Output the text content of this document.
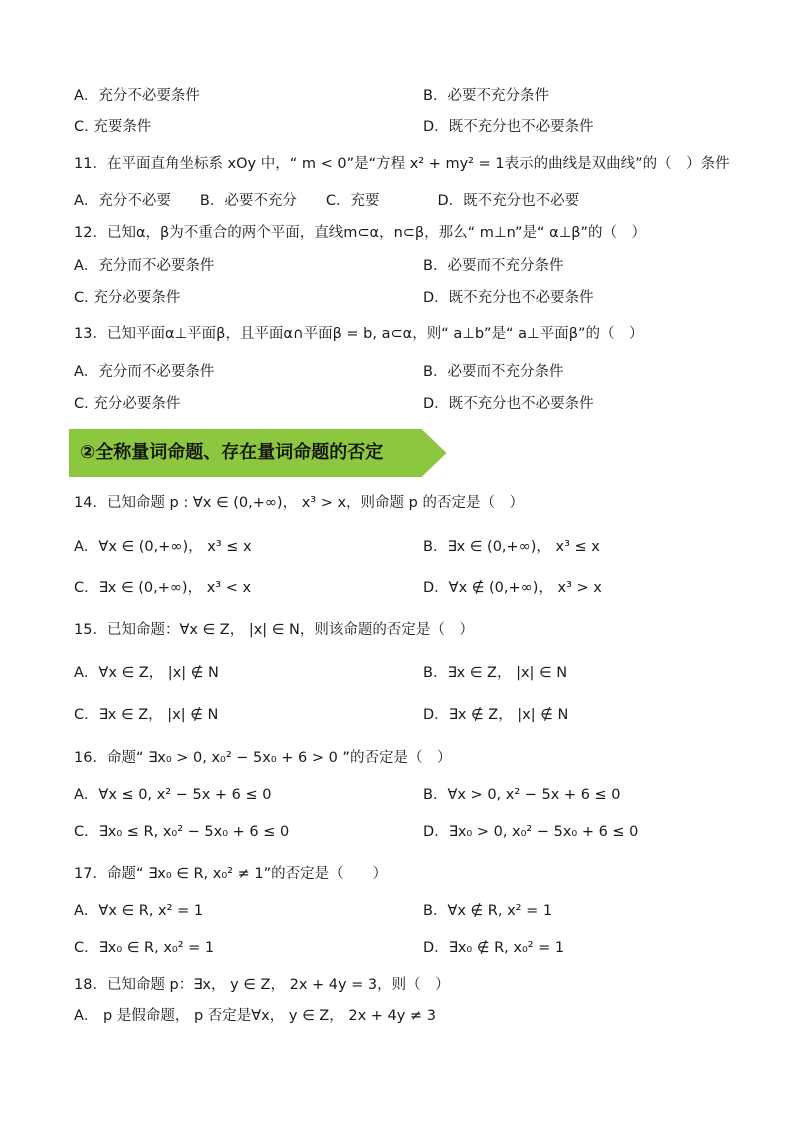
A．充分不必要条件	B．必要不充分条件
C. 充要条件	D．既不充分也不必要条件
11．在平面直角坐标系 xOy 中，“ m < 0”是“方程 x² + my² = 1表示的曲线是双曲线”的（　）条件
A．充分不必要　　B．必要不充分　　C．充要　　　　D．既不充分也不必要
12．已知α，β为不重合的两个平面，直线m⊂α，n⊂β，那么“ m⊥n”是“ α⊥β”的（　）
A．充分而不必要条件	B．必要而不充分条件
C. 充分必要条件	D．既不充分也不必要条件
13．已知平面α⊥平面β，且平面α∩平面β = b, a⊂α，则“ a⊥b”是“ a⊥平面β”的（　）
A．充分而不必要条件	B．必要而不充分条件
C. 充分必要条件	D．既不充分也不必要条件
②全称量词命题、存在量词命题的否定
14．已知命题 p : ∀x ∈ (0,+∞)， x³ > x，则命题 p 的否定是（　）
A．∀x ∈ (0,+∞)， x³ ≤ x	B．∃x ∈ (0,+∞)， x³ ≤ x
C．∃x ∈ (0,+∞)， x³ < x	D．∀x ∉ (0,+∞)， x³ > x
15．已知命题：∀x ∈ Z， |x| ∈ N，则该命题的否定是（　）
A．∀x ∈ Z， |x| ∉ N	B．∃x ∈ Z， |x| ∈ N
C．∃x ∈ Z， |x| ∉ N	D．∃x ∉ Z， |x| ∉ N
16．命题“ ∃x₀ > 0, x₀² − 5x₀ + 6 > 0 ”的否定是（　）
A．∀x ≤ 0, x² − 5x + 6 ≤ 0	B．∀x > 0, x² − 5x + 6 ≤ 0
C．∃x₀ ≤ R, x₀² − 5x₀ + 6 ≤ 0	D．∃x₀ > 0, x₀² − 5x₀ + 6 ≤ 0
17．命题“ ∃x₀ ∈ R, x₀² ≠ 1”的否定是（　　）
A．∀x ∈ R, x² = 1	B．∀x ∉ R, x² = 1
C．∃x₀ ∈ R, x₀² = 1	D．∃x₀ ∉ R, x₀² = 1
18．已知命题 p：∃x， y ∈ Z， 2x + 4y = 3，则（　）
A． p 是假命题， p 否定是∀x， y ∈ Z， 2x + 4y ≠ 3
